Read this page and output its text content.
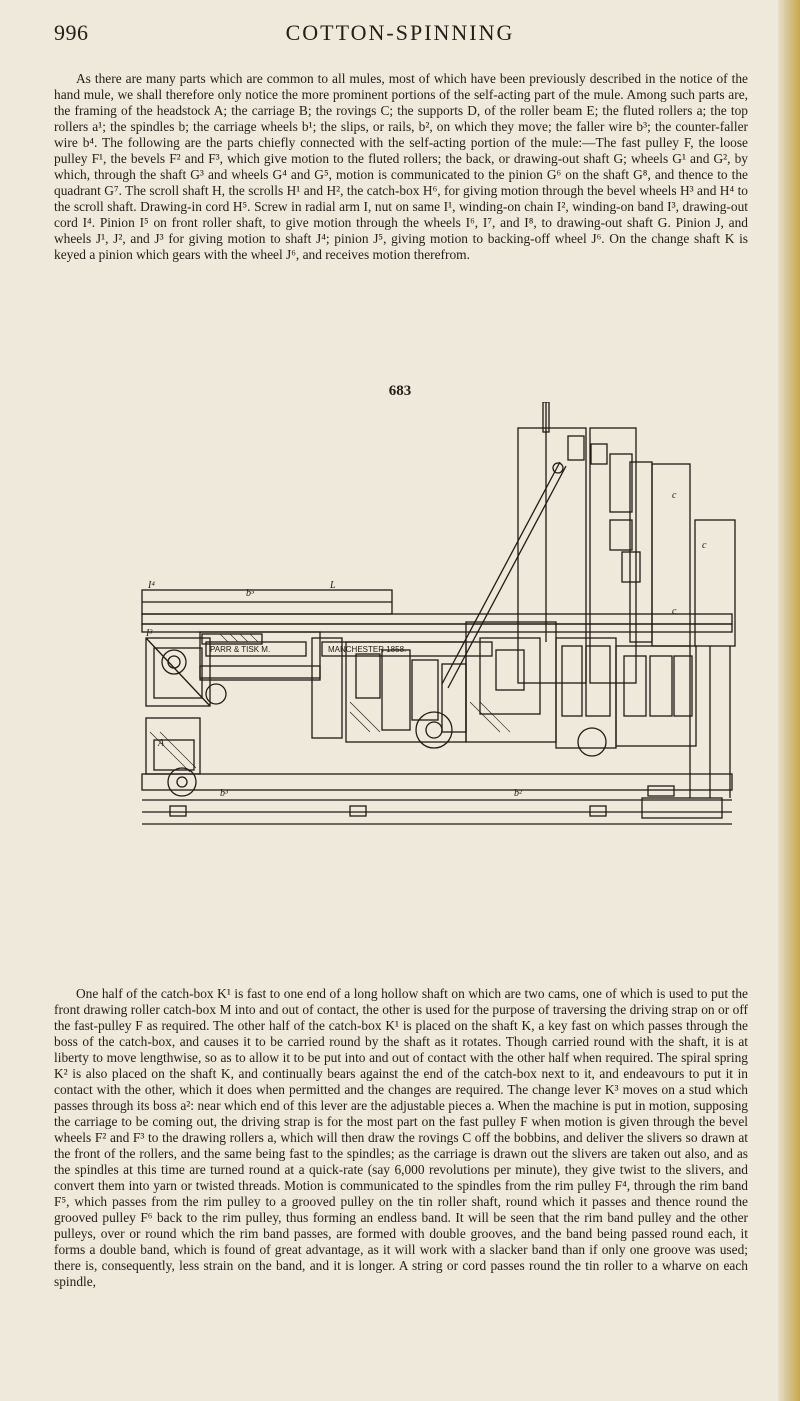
996	COTTON-SPINNING

As there are many parts which are common to all mules, most of which have been previously described in the notice of the hand mule, we shall therefore only notice the more prominent portions of the self-acting part of the mule. Among such parts are, the framing of the headstock A; the carriage B; the rovings C; the supports D, of the roller beam E; the fluted rollers a; the top rollers a¹; the spindles b; the carriage wheels b¹; the slips, or rails, b², on which they move; the faller wire b³; the counter-faller wire b⁴. The following are the parts chiefly connected with the self-acting portion of the mule:—The fast pulley F, the loose pulley F¹, the bevels F² and F³, which give motion to the fluted rollers; the back, or drawing-out shaft G; wheels G¹ and G², by which, through the shaft G³ and wheels G⁴ and G⁵, motion is communicated to the pinion G⁶ on the shaft G⁸, and thence to the quadrant G⁷. The scroll shaft H, the scrolls H¹ and H², the catch-box H⁶, for giving motion through the bevel wheels H³ and H⁴ to the scroll shaft. Drawing-in cord H⁵. Screw in radial arm I, nut on same I¹, winding-on chain I², winding-on band I³, drawing-out cord I⁴. Pinion I⁵ on front roller shaft, to give motion through the wheels I⁶, I⁷, and I⁸, to drawing-out shaft G. Pinion J, and wheels J¹, J², and J³ for giving motion to shaft J⁴; pinion J⁵, giving motion to backing-off wheel J⁶. On the change shaft K is keyed a pinion which gears with the wheel J⁶, and receives motion therefrom.

683
PARR & TISK M.	MANCHESTER 1858.
I⁴
I³
L
b⁵
A
b³	b²
c
c
c

One half of the catch-box K¹ is fast to one end of a long hollow shaft on which are two cams, one of which is used to put the front drawing roller catch-box M into and out of contact, the other is used for the purpose of traversing the driving strap on or off the fast-pulley F as required. The other half of the catch-box K¹ is placed on the shaft K, a key fast on which passes through the boss of the catch-box, and causes it to be carried round by the shaft as it rotates. Though carried round with the shaft, it is at liberty to move lengthwise, so as to allow it to be put into and out of contact with the other half when required. The spiral spring K² is also placed on the shaft K, and continually bears against the end of the catch-box next to it, and endeavours to put it in contact with the other, which it does when permitted and the changes are required. The change lever K³ moves on a stud which passes through its boss a²: near which end of this lever are the adjustable pieces a. When the machine is put in motion, supposing the carriage to be coming out, the driving strap is for the most part on the fast pulley F when motion is given through the bevel wheels F² and F³ to the drawing rollers a, which will then draw the rovings C off the bobbins, and deliver the slivers so drawn at the front of the rollers, and the same being fast to the spindles; as the carriage is drawn out the slivers are taken out also, and as the spindles at this time are turned round at a quick-rate (say 6,000 revolutions per minute), they give twist to the slivers, and convert them into yarn or twisted threads. Motion is communicated to the spindles from the rim pulley F⁴, through the rim band F⁵, which passes from the rim pulley to a grooved pulley on the tin roller shaft, round which it passes and thence round the grooved pulley F⁶ back to the rim pulley, thus forming an endless band. It will be seen that the rim band pulley and the other pulleys, over or round which the rim band passes, are formed with double grooves, and the band being passed round each, it forms a double band, which is found of great advantage, as it will work with a slacker band than if only one groove was used; there is, consequently, less strain on the band, and it is longer. A string or cord passes round the tin roller to a wharve on each spindle,
